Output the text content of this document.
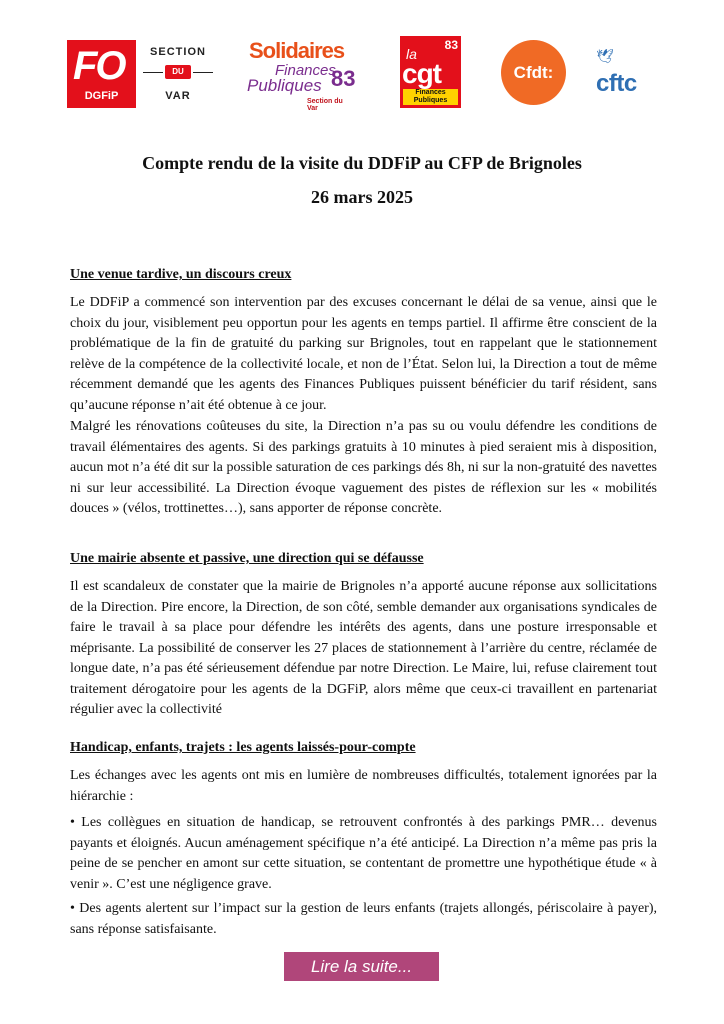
FO
DGFiP
SECTION
DU
VAR
Solidaires
Finances
Publiques 83
Section du Var
83
la
cgt
Finances Publiques
Cfdt:
🕊
cftc
Compte rendu de la visite du DDFiP au CFP de Brignoles
26 mars 2025
Une venue tardive, un discours creux
Le DDFiP a commencé son intervention par des excuses concernant le délai de sa venue, ainsi que le choix du jour, visiblement peu opportun pour les agents en temps partiel. Il affirme être conscient de la problématique de la fin de gratuité du parking sur Brignoles, tout en rappelant que le stationnement relève de la compétence de la collectivité locale, et non de l’État. Selon lui, la Direction a tout de même récemment demandé que les agents des Finances Publiques puissent bénéficier du tarif résident, sans qu’aucune réponse n’ait été obtenue à ce jour.
Malgré les rénovations coûteuses du site, la Direction n’a pas su ou voulu défendre les conditions de travail élémentaires des agents. Si des parkings gratuits à 10 minutes à pied seraient mis à disposition, aucun mot n’a été dit sur la possible saturation de ces parkings dés 8h, ni sur la non-gratuité des navettes ni sur leur accessibilité. La Direction évoque vaguement des pistes de réflexion sur les « mobilités douces » (vélos, trottinettes…), sans apporter de réponse concrète.
Une mairie absente et passive, une direction qui se défausse
Il est scandaleux de constater que la mairie de Brignoles n’a apporté aucune réponse aux sollicitations de la Direction. Pire encore, la Direction, de son côté, semble demander aux organisations syndicales de faire le travail à sa place pour défendre les intérêts des agents, dans une posture irresponsable et méprisante. La possibilité de conserver les 27 places de stationnement à l’arrière du centre, réclamée de longue date, n’a pas été sérieusement défendue par notre Direction. Le Maire, lui, refuse clairement tout traitement dérogatoire pour les agents de la DGFiP, alors même que ceux-ci travaillent en partenariat régulier avec la collectivité
Handicap, enfants, trajets : les agents laissés-pour-compte
Les échanges avec les agents ont mis en lumière de nombreuses difficultés, totalement ignorées par la hiérarchie :
• Les collègues en situation de handicap, se retrouvent confrontés à des parkings PMR… devenus payants et éloignés. Aucun aménagement spécifique n’a été anticipé. La Direction n’a même pas pris la peine de se pencher en amont sur cette situation, se contentant de promettre une hypothétique étude « à venir ». C’est une négligence grave.
• Des agents alertent sur l’impact sur la gestion de leurs enfants (trajets allongés, périscolaire à payer), sans réponse satisfaisante.
Lire la suite...
